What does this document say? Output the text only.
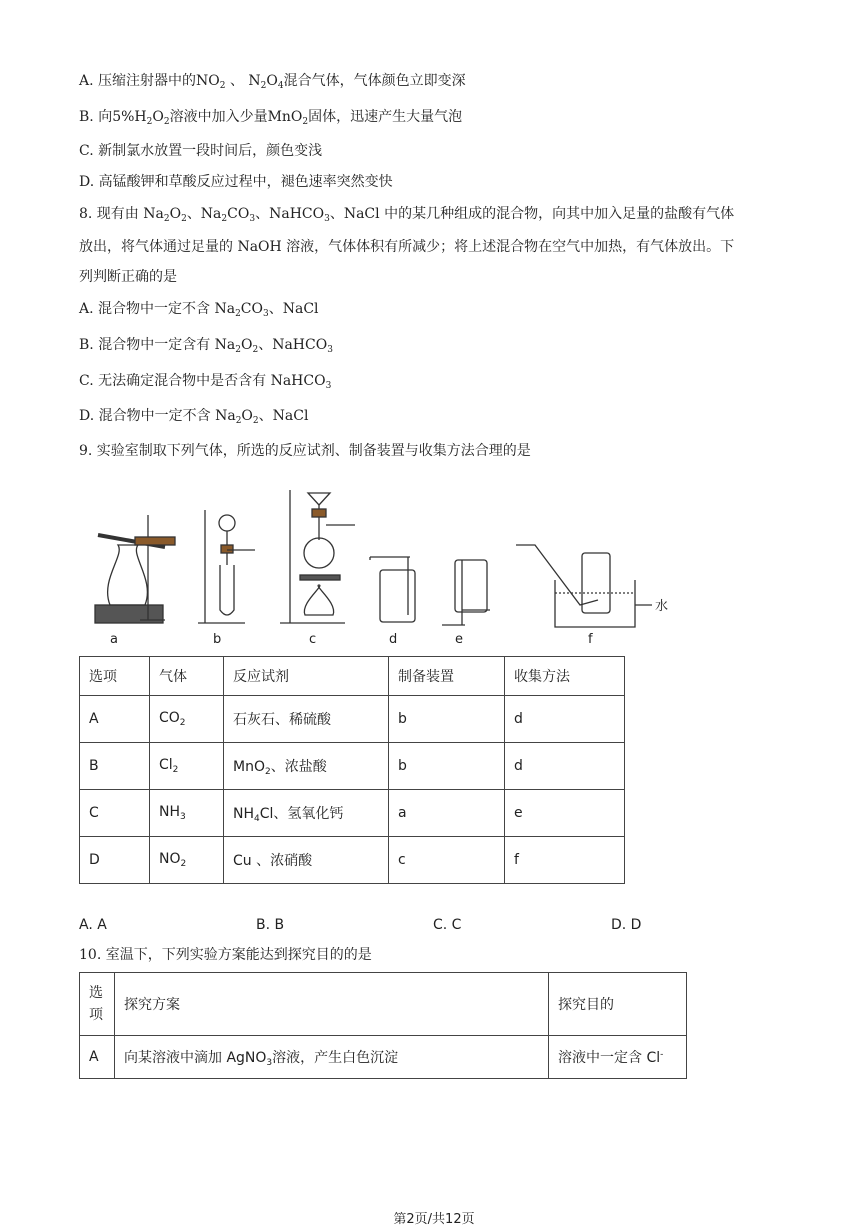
A. 压缩注射器中的$NO_2$ 、 $N_2O_4$混合气体，气体颜色立即变深
B. 向$5\%H_2O_2$溶液中加入少量MnO$_2$固体，迅速产生大量气泡
C. 新制氯水放置一段时间后，颜色变浅
D. 高锰酸钾和草酸反应过程中，褪色速率突然变快
8. 现有由 $Na_2O_2$、$Na_2CO_3$、NaHCO$_3$、NaCl 中的某几种组成的混合物，向其中加入足量的盐酸有气体
放出，将气体通过足量的 NaOH 溶液，气体体积有所减少；将上述混合物在空气中加热，有气体放出。下
列判断正确的是
A. 混合物中一定不含 $Na_2CO_3$、NaCl
B. 混合物中一定含有 $Na_2O_2$、NaHCO$_3$
C. 无法确定混合物中是否含有 NaHCO$_3$
D. 混合物中一定不含 $Na_2O_2$、NaCl
9. 实验室制取下列气体，所选的反应试剂、制备装置与收集方法合理的是
a	b	c	d	e	f
水
选项	气体	反应试剂	制备装置	收集方法
A	$CO_2$	石灰石、稀硫酸	b	d
B	$Cl_2$	MnO$_2$、浓盐酸	b	d
C	$NH_3$	$NH_4Cl$、氢氧化钙	a	e
D	$NO_2$	Cu 、浓硝酸	c	f
A. A	B. B	C. C	D. D
10. 室温下，下列实验方案能达到探究目的的是
选
项	探究方案	探究目的
A	向某溶液中滴加 AgNO$_3$溶液，产生白色沉淀	溶液中一定含 Cl-
第2页/共12页
